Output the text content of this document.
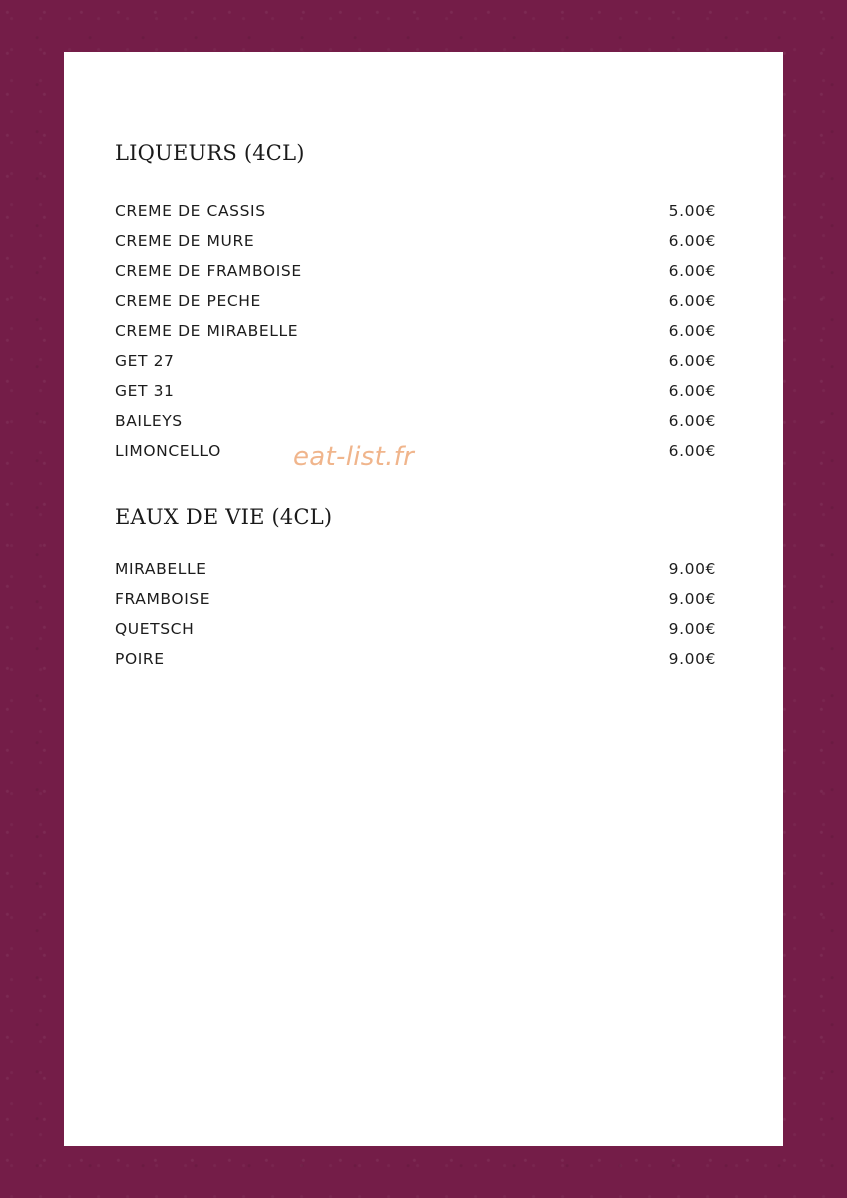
LIQUEURS (4CL)
CREME DE CASSIS	5.00€
CREME DE MURE	6.00€
CREME DE FRAMBOISE	6.00€
CREME DE PECHE	6.00€
CREME DE MIRABELLE	6.00€
GET 27	6.00€
GET 31	6.00€
BAILEYS	6.00€
LIMONCELLO	6.00€
eat-list.fr
EAUX DE VIE (4CL)
MIRABELLE	9.00€
FRAMBOISE	9.00€
QUETSCH	9.00€
POIRE	9.00€
